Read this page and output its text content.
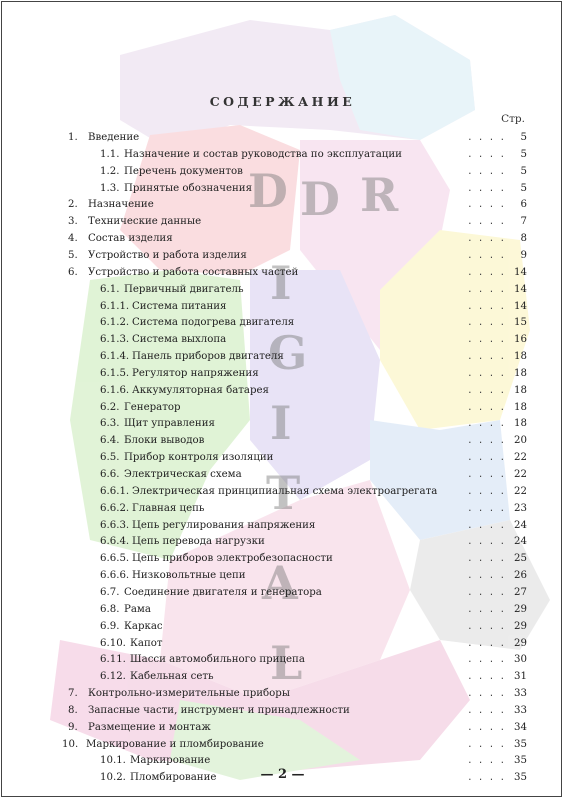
D D R
I
G
I
T
A
L
СОДЕРЖАНИЕ
Стр.
1. Введение	. . . .	5
1.1. Назначение и состав руководства по эксплуатации	. . . .	5
1.2. Перечень документов	. . . .	5
1.3. Принятые обозначения	. . . .	5
2. Назначение	. . . .	6
3. Технические данные	. . . .	7
4. Состав изделия	. . . .	8
5. Устройство и работа изделия	. . . .	9
6. Устройство и работа составных частей	. . . . 14
6.1. Первичный двигатель	. . . . 14
6.1.1. Система питания	. . . . 14
6.1.2. Система подогрева двигателя	. . . . 15
6.1.3. Система выхлопа	. . . . 16
6.1.4. Панель приборов двигателя	. . . . 18
6.1.5. Регулятор напряжения	. . . . 18
6.1.6. Аккумуляторная батарея	. . . . 18
6.2. Генератор	. . . . 18
6.3. Щит управления	. . . . 18
6.4. Блоки выводов	. . . . 20
6.5. Прибор контроля изоляции	. . . . 22
6.6. Электрическая схема	. . . . 22
6.6.1. Электрическая принципиальная схема электроагрегата	. . . . 22
6.6.2. Главная цепь	. . . . 23
6.6.3. Цепь регулирования напряжения	. . . . 24
6.6.4. Цепь перевода нагрузки	. . . . 24
6.6.5. Цепь приборов электробезопасности	. . . . 25
6.6.6. Низковольтные цепи	. . . . 26
6.7. Соединение двигателя и генератора	. . . . 27
6.8. Рама	. . . . 29
6.9. Каркас	. . . . 29
6.10. Капот	. . . . 29
6.11. Шасси автомобильного прицепа	. . . . 30
6.12. Кабельная сеть	. . . . 31
7. Контрольно-измерительные приборы	. . . . 33
8. Запасные части, инструмент и принадлежности	. . . . 33
9. Размещение и монтаж	. . . . 34
10. Маркирование и пломбирование	. . . . 35
10.1. Маркирование	. . . . 35
10.2. Пломбирование	. . . . 35
— 2 —
